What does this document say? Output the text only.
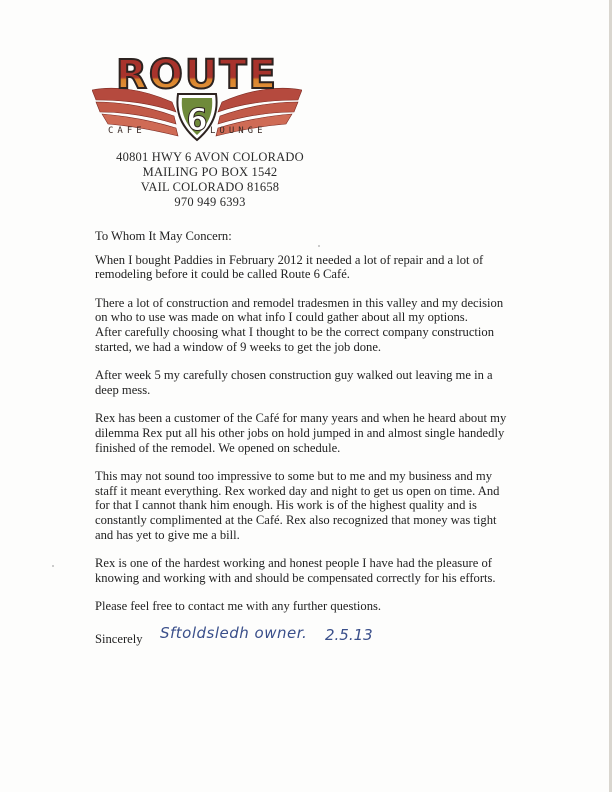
6
ROUTE
CAFE	LOUNGE
40801 HWY 6 AVON COLORADO
MAILING PO BOX 1542
VAIL COLORADO 81658
970 949 6393

To Whom It May Concern:

When I bought Paddies in February 2012 it needed a lot of repair and a lot of remodeling before it could be called Route 6 Café.

There a lot of construction and remodel tradesmen in this valley and my decision on who to use was made on what info I could gather about all my options.

After carefully choosing what I thought to be the correct company construction started, we had a window of 9 weeks to get the job done.

After week 5 my carefully chosen construction guy walked out leaving me in a deep mess.

Rex has been a customer of the Café for many years and when he heard about my dilemma Rex put all his other jobs on hold jumped in and almost single handedly finished of the remodel. We opened on schedule.

This may not sound too impressive to some but to me and my business and my staff it meant everything. Rex worked day and night to get us open on time. And for that I cannot thank him enough. His work is of the highest quality and is constantly complimented at the Café. Rex also recognized that money was tight and has yet to give me a bill.

Rex is one of the hardest working and honest people I have had the pleasure of knowing and working with and should be compensated correctly for his efforts.

Please feel free to contact me with any further questions.

Sincerely Sftoldsledh owner. 2.5.13
